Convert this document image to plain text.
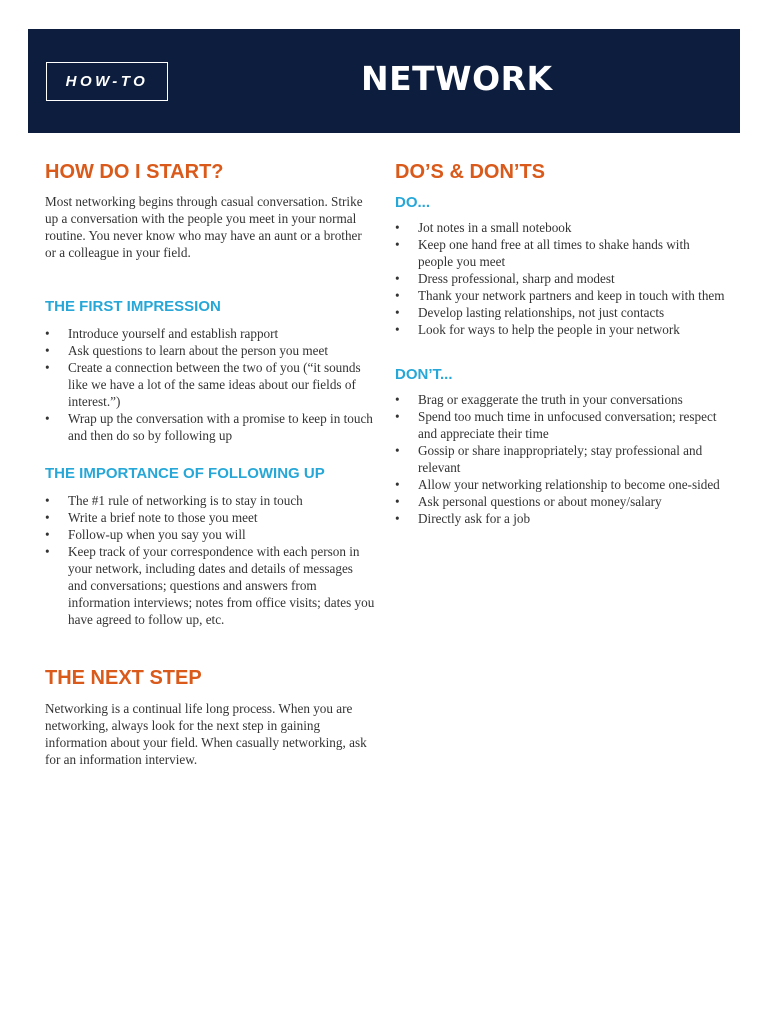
HOW-TO	NETWORK
HOW DO I START?

Most networking begins through casual conversation. Strike up a conversation with the people you meet in your normal routine. You never know who may have an aunt or a brother or a colleague in your field.

THE FIRST IMPRESSION
• Introduce yourself and establish rapport
• Ask questions to learn about the person you meet
• Create a connection between the two of you (“it sounds like we have a lot of the same ideas about our fields of interest.”)
• Wrap up the conversation with a promise to keep in touch and then do so by following up
THE IMPORTANCE OF FOLLOWING UP
• The #1 rule of networking is to stay in touch
• Write a brief note to those you meet
• Follow-up when you say you will
• Keep track of your correspondence with each person in your network, including dates and details of messages and conversations; questions and answers from information interviews; notes from office visits; dates you have agreed to follow up, etc.
THE NEXT STEP

Networking is a continual life long process. When you are networking, always look for the next step in gaining information about your field. When casually networking, ask for an information interview.

DO’S & DON’TS
DO...
• Jot notes in a small notebook
• Keep one hand free at all times to shake hands with people you meet
• Dress professional, sharp and modest
• Thank your network partners and keep in touch with them
• Develop lasting relationships, not just contacts
• Look for ways to help the people in your network
DON’T...
• Brag or exaggerate the truth in your conversations
• Spend too much time in unfocused conversation; respect and appreciate their time
• Gossip or share inappropriately; stay professional and relevant
• Allow your networking relationship to become one-sided
• Ask personal questions or about money/salary
• Directly ask for a job
